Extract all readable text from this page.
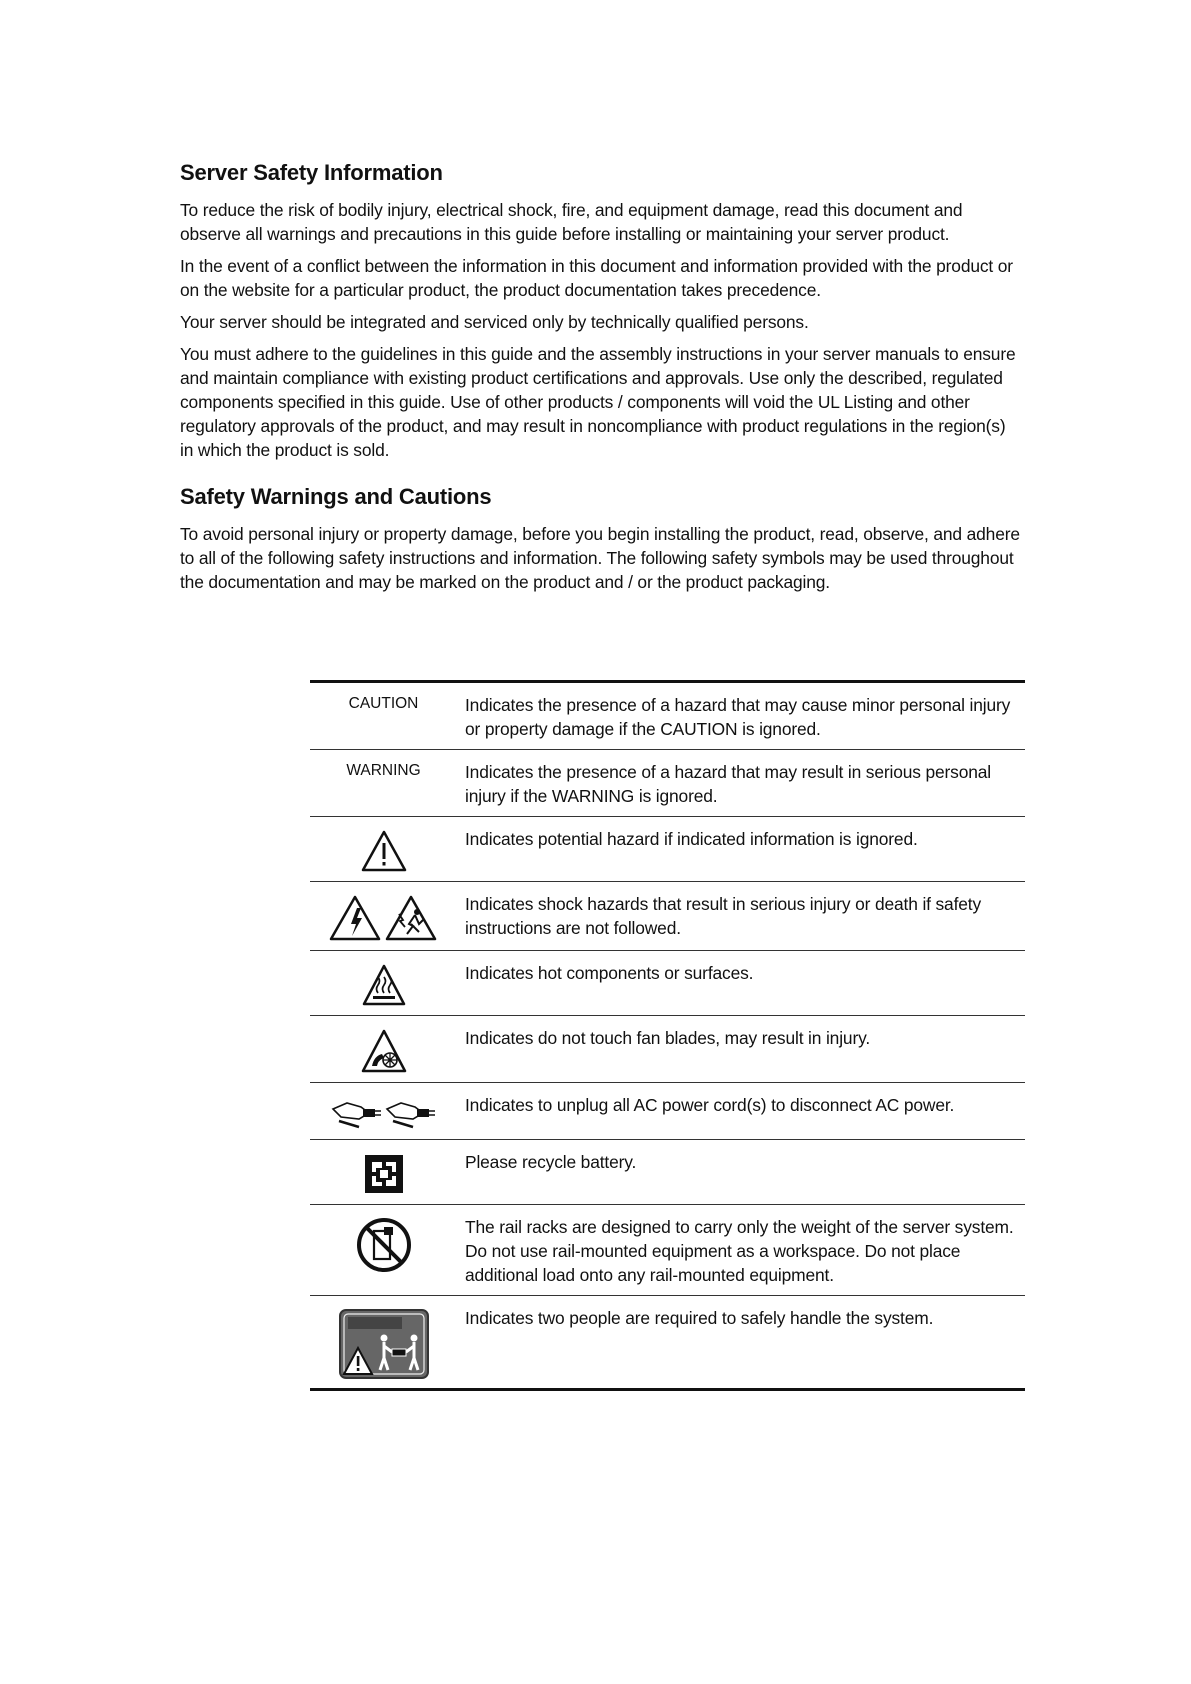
Server Safety Information

To reduce the risk of bodily injury, electrical shock, fire, and equipment damage, read this document and observe all warnings and precautions in this guide before installing or maintaining your server product.

In the event of a conflict between the information in this document and information provided with the product or on the website for a particular product, the product documentation takes precedence.

Your server should be integrated and serviced only by technically qualified persons.

You must adhere to the guidelines in this guide and the assembly instructions in your server manuals to ensure and maintain compliance with existing product certifications and approvals. Use only the described, regulated components specified in this guide. Use of other products / components will void the UL Listing and other regulatory approvals of the product, and may result in noncompliance with product regulations in the region(s) in which the product is sold.

Safety Warnings and Cautions

To avoid personal injury or property damage, before you begin installing the product, read, observe, and adhere to all of the following safety instructions and information. The following safety symbols may be used throughout the documentation and may be marked on the product and / or the product packaging.

CAUTION	Indicates the presence of a hazard that may cause minor personal injury or property damage if the CAUTION is ignored.
WARNING	Indicates the presence of a hazard that may result in serious personal injury if the WARNING is ignored.
	Indicates potential hazard if indicated information is ignored.
	Indicates shock hazards that result in serious injury or death if safety instructions are not followed.
	Indicates hot components or surfaces.
	Indicates do not touch fan blades, may result in injury.
	Indicates to unplug all AC power cord(s) to disconnect AC power.
	Please recycle battery.
	The rail racks are designed to carry only the weight of the server system. Do not use rail-mounted equipment as a workspace. Do not place additional load onto any rail-mounted equipment.
	Indicates two people are required to safely handle the system.
